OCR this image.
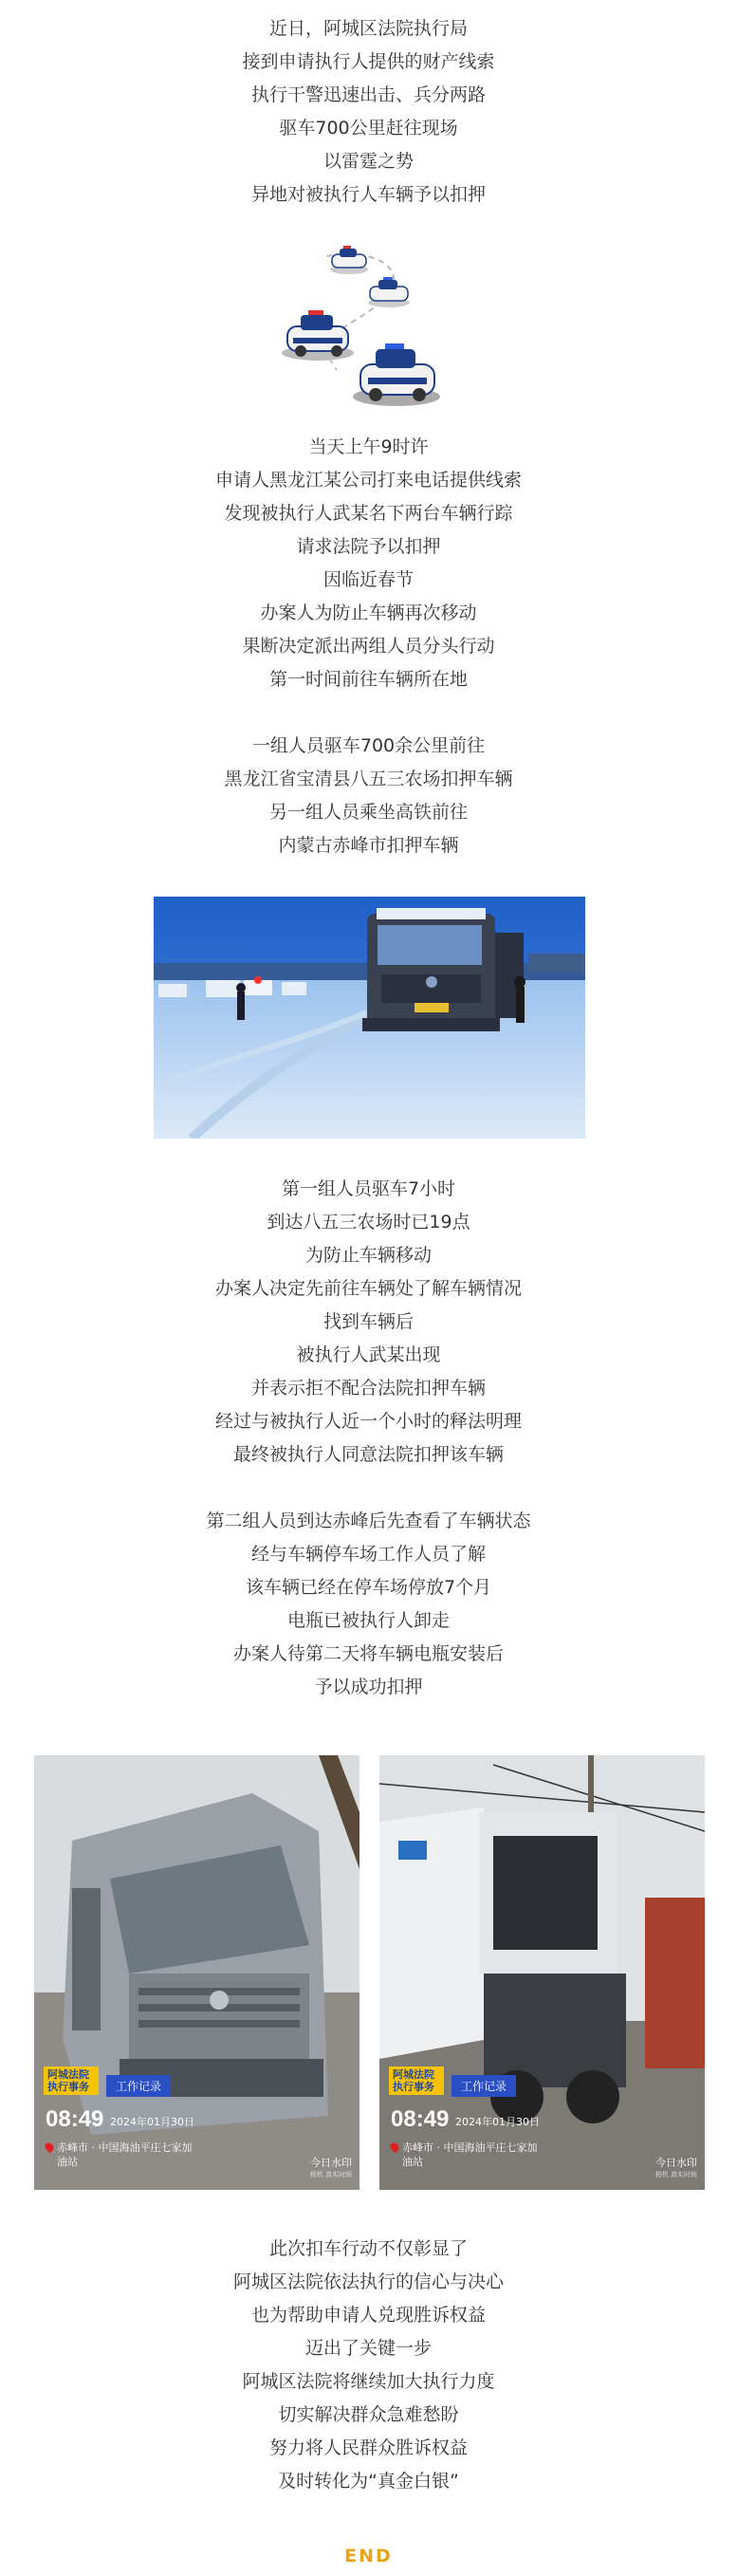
近日，阿城区法院执行局
接到申请执行人提供的财产线索
执行干警迅速出击、兵分两路
驱车700公里赶往现场
以雷霆之势
异地对被执行人车辆予以扣押
当天上午9时许
申请人黑龙江某公司打来电话提供线索
发现被执行人武某名下两台车辆行踪
请求法院予以扣押
因临近春节
办案人为防止车辆再次移动
果断决定派出两组人员分头行动
第一时间前往车辆所在地
一组人员驱车700余公里前往
黑龙江省宝清县八五三农场扣押车辆
另一组人员乘坐高铁前往
内蒙古赤峰市扣押车辆
第一组人员驱车7小时
到达八五三农场时已19点
为防止车辆移动
办案人决定先前往车辆处了解车辆情况
找到车辆后
被执行人武某出现
并表示拒不配合法院扣押车辆
经过与被执行人近一个小时的释法明理
最终被执行人同意法院扣押该车辆
第二组人员到达赤峰后先查看了车辆状态
经与车辆停车场工作人员了解
该车辆已经在停车场停放7个月
电瓶已被执行人卸走
办案人待第二天将车辆电瓶安装后
予以成功扣押
阿城法院执行事务	工作记录
08:49 2024年01月30日
赤峰市 · 中国海油平庄七家加油站	今日水印
相机 真实时间
阿城法院执行事务	工作记录
08:49 2024年01月30日
赤峰市 · 中国海油平庄七家加油站	今日水印
相机 真实时间
此次扣车行动不仅彰显了
阿城区法院依法执行的信心与决心
也为帮助申请人兑现胜诉权益
迈出了关键一步
阿城区法院将继续加大执行力度
切实解决群众急难愁盼
努力将人民群众胜诉权益
及时转化为“真金白银”
END
